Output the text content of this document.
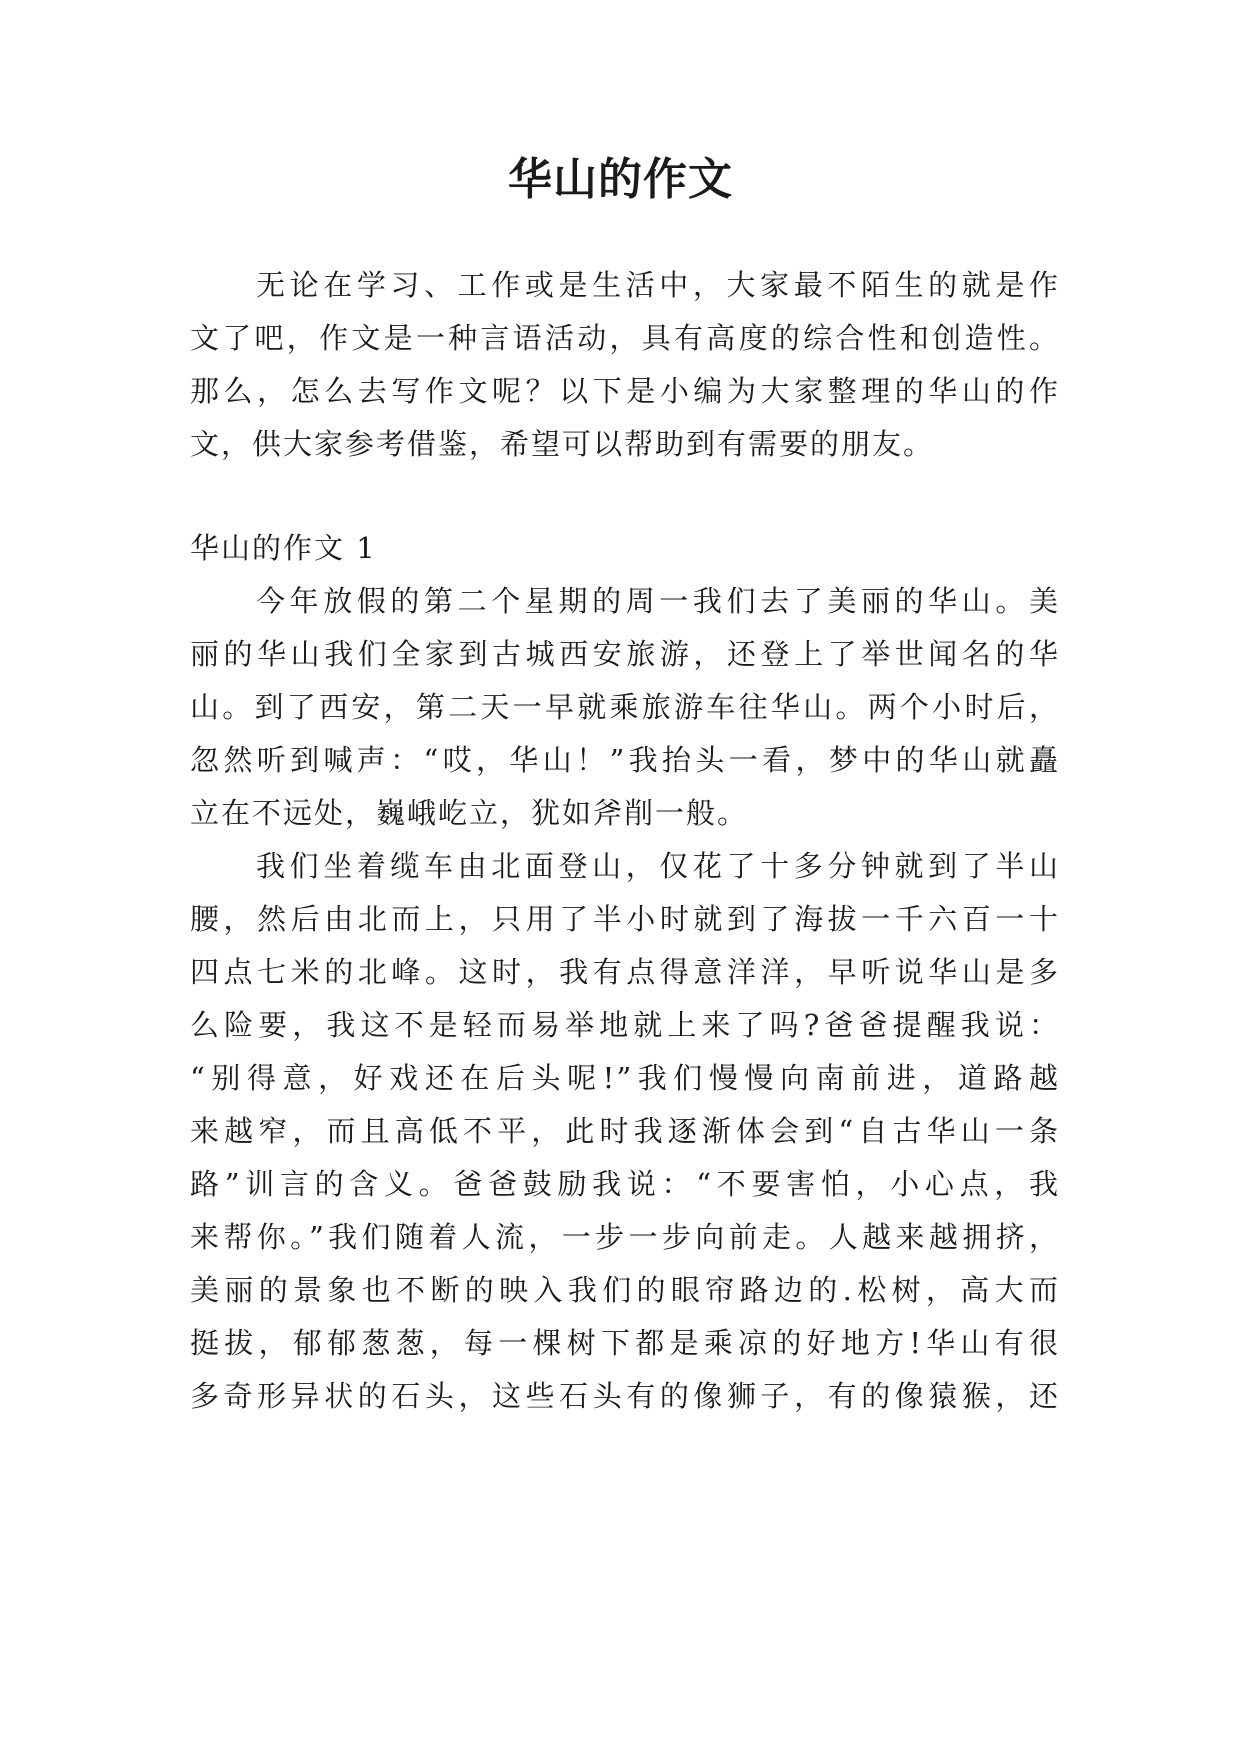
华山的作文

无论在学习、工作或是生活中，大家最不陌生的就是作

文了吧，作文是一种言语活动，具有高度的综合性和创造性。

那么，怎么去写作文呢？以下是小编为大家整理的华山的作

文，供大家参考借鉴，希望可以帮助到有需要的朋友。

华山的作文 1

今年放假的第二个星期的周一我们去了美丽的华山。美

丽的华山我们全家到古城西安旅游，还登上了举世闻名的华

山。到了西安，第二天一早就乘旅游车往华山。两个小时后，

忽然听到喊声：“哎，华山！”我抬头一看，梦中的华山就矗

立在不远处，巍峨屹立，犹如斧削一般。

我们坐着缆车由北面登山，仅花了十多分钟就到了半山

腰，然后由北而上，只用了半小时就到了海拔一千六百一十

四点七米的北峰。这时，我有点得意洋洋，早听说华山是多

么险要，我这不是轻而易举地就上来了吗?爸爸提醒我说：

“别得意，好戏还在后头呢!”我们慢慢向南前进，道路越

来越窄，而且高低不平，此时我逐渐体会到“自古华山一条

路”训言的含义。爸爸鼓励我说：“不要害怕，小心点，我

来帮你。”我们随着人流，一步一步向前走。人越来越拥挤，

美丽的景象也不断的映入我们的眼帘路边的.松树，高大而

挺拔，郁郁葱葱，每一棵树下都是乘凉的好地方!华山有很

多奇形异状的石头，这些石头有的像狮子，有的像猿猴，还
